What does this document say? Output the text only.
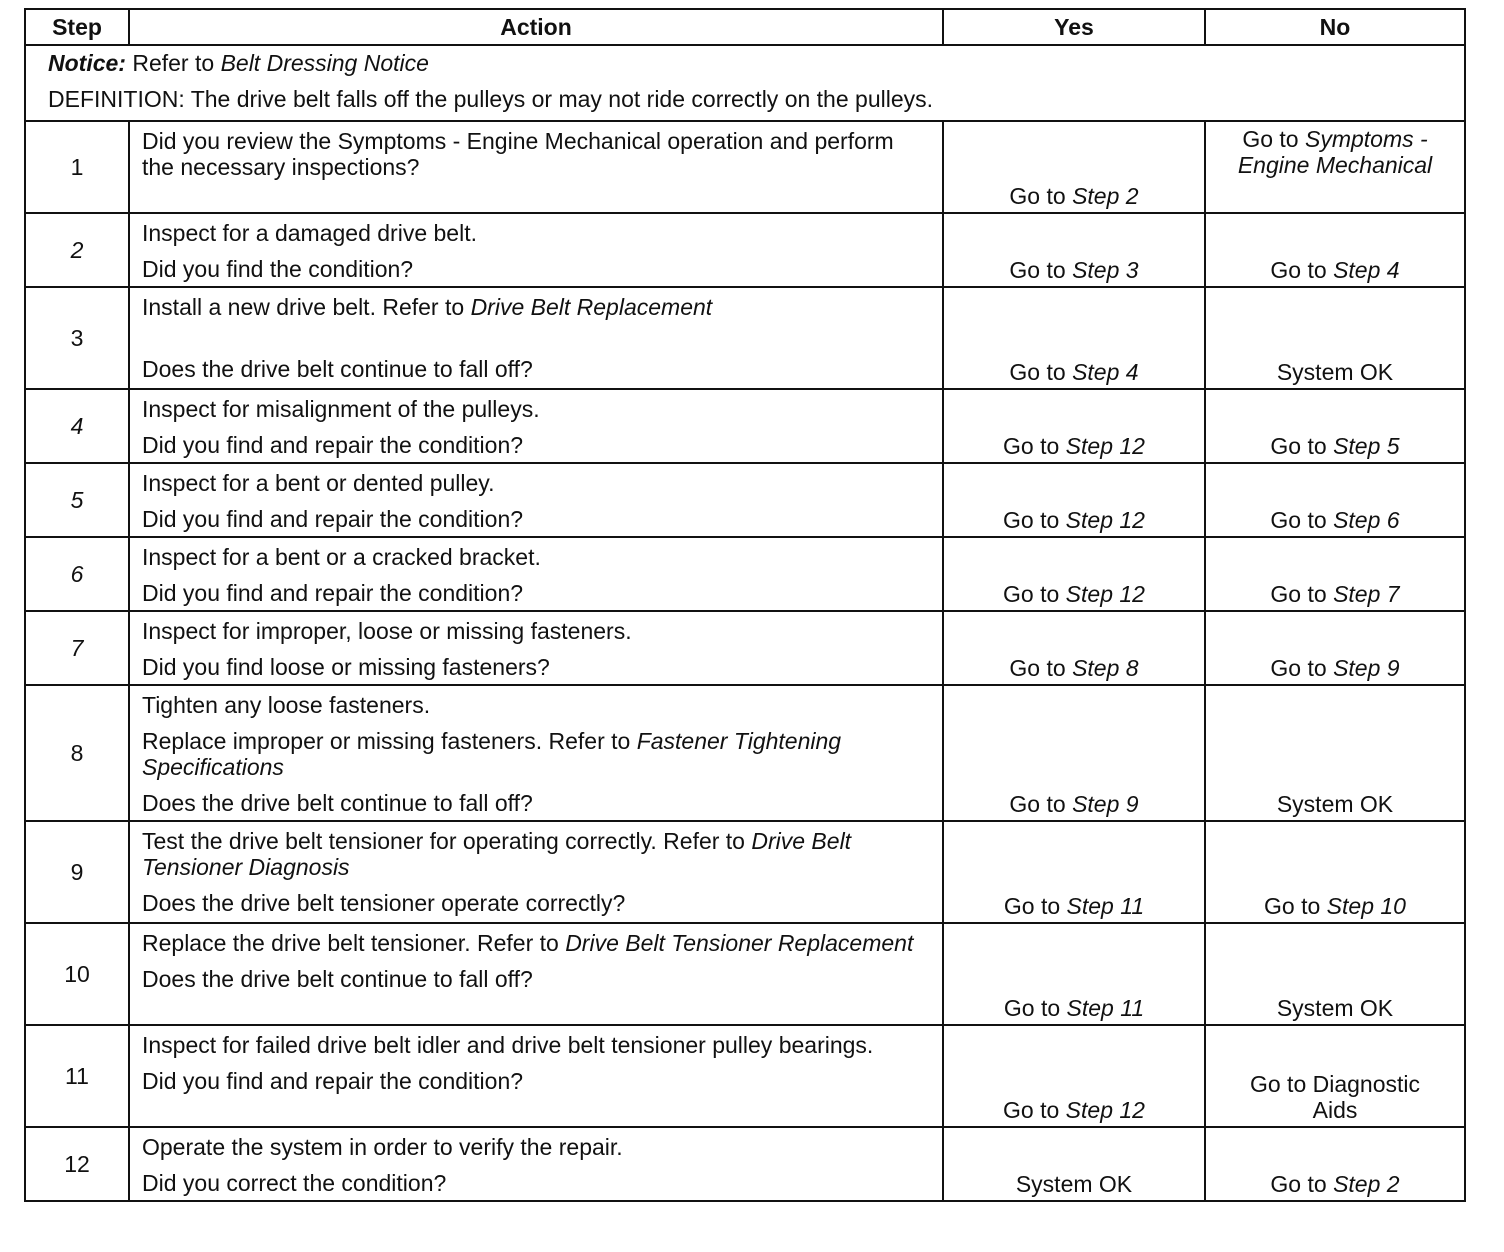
Step	Action	Yes	No

Notice: Refer to Belt Dressing Notice

DEFINITION: The drive belt falls off the pulleys or may not ride correctly on the pulleys.			

1	Did you review the Symptoms - Engine Mechanical operation and perform the necessary inspections?	Go to Step 2	Go to Symptoms -
Engine Mechanical
2	Inspect for a damaged drive belt.

Did you find the condition?	Go to Step 3	Go to Step 4
3	Install a new drive belt. Refer to Drive Belt Replacement

Does the drive belt continue to fall off?	Go to Step 4	System OK
4	Inspect for misalignment of the pulleys.

Did you find and repair the condition?	Go to Step 12	Go to Step 5
5	Inspect for a bent or dented pulley.

Did you find and repair the condition?	Go to Step 12	Go to Step 6
6	Inspect for a bent or a cracked bracket.

Did you find and repair the condition?	Go to Step 12	Go to Step 7
7	Inspect for improper, loose or missing fasteners.

Did you find loose or missing fasteners?	Go to Step 8	Go to Step 9
8	Tighten any loose fasteners.

Replace improper or missing fasteners. Refer to Fastener Tightening Specifications

Does the drive belt continue to fall off?	Go to Step 9	System OK
9	Test the drive belt tensioner for operating correctly. Refer to Drive Belt Tensioner Diagnosis

Does the drive belt tensioner operate correctly?	Go to Step 11	Go to Step 10
10	Replace the drive belt tensioner. Refer to Drive Belt Tensioner Replacement

Does the drive belt continue to fall off?	Go to Step 11	System OK
11	Inspect for failed drive belt idler and drive belt tensioner pulley bearings.

Did you find and repair the condition?	Go to Step 12	Go to Diagnostic Aids

12	Operate the system in order to verify the repair.

Did you correct the condition?	System OK	Go to Step 2
